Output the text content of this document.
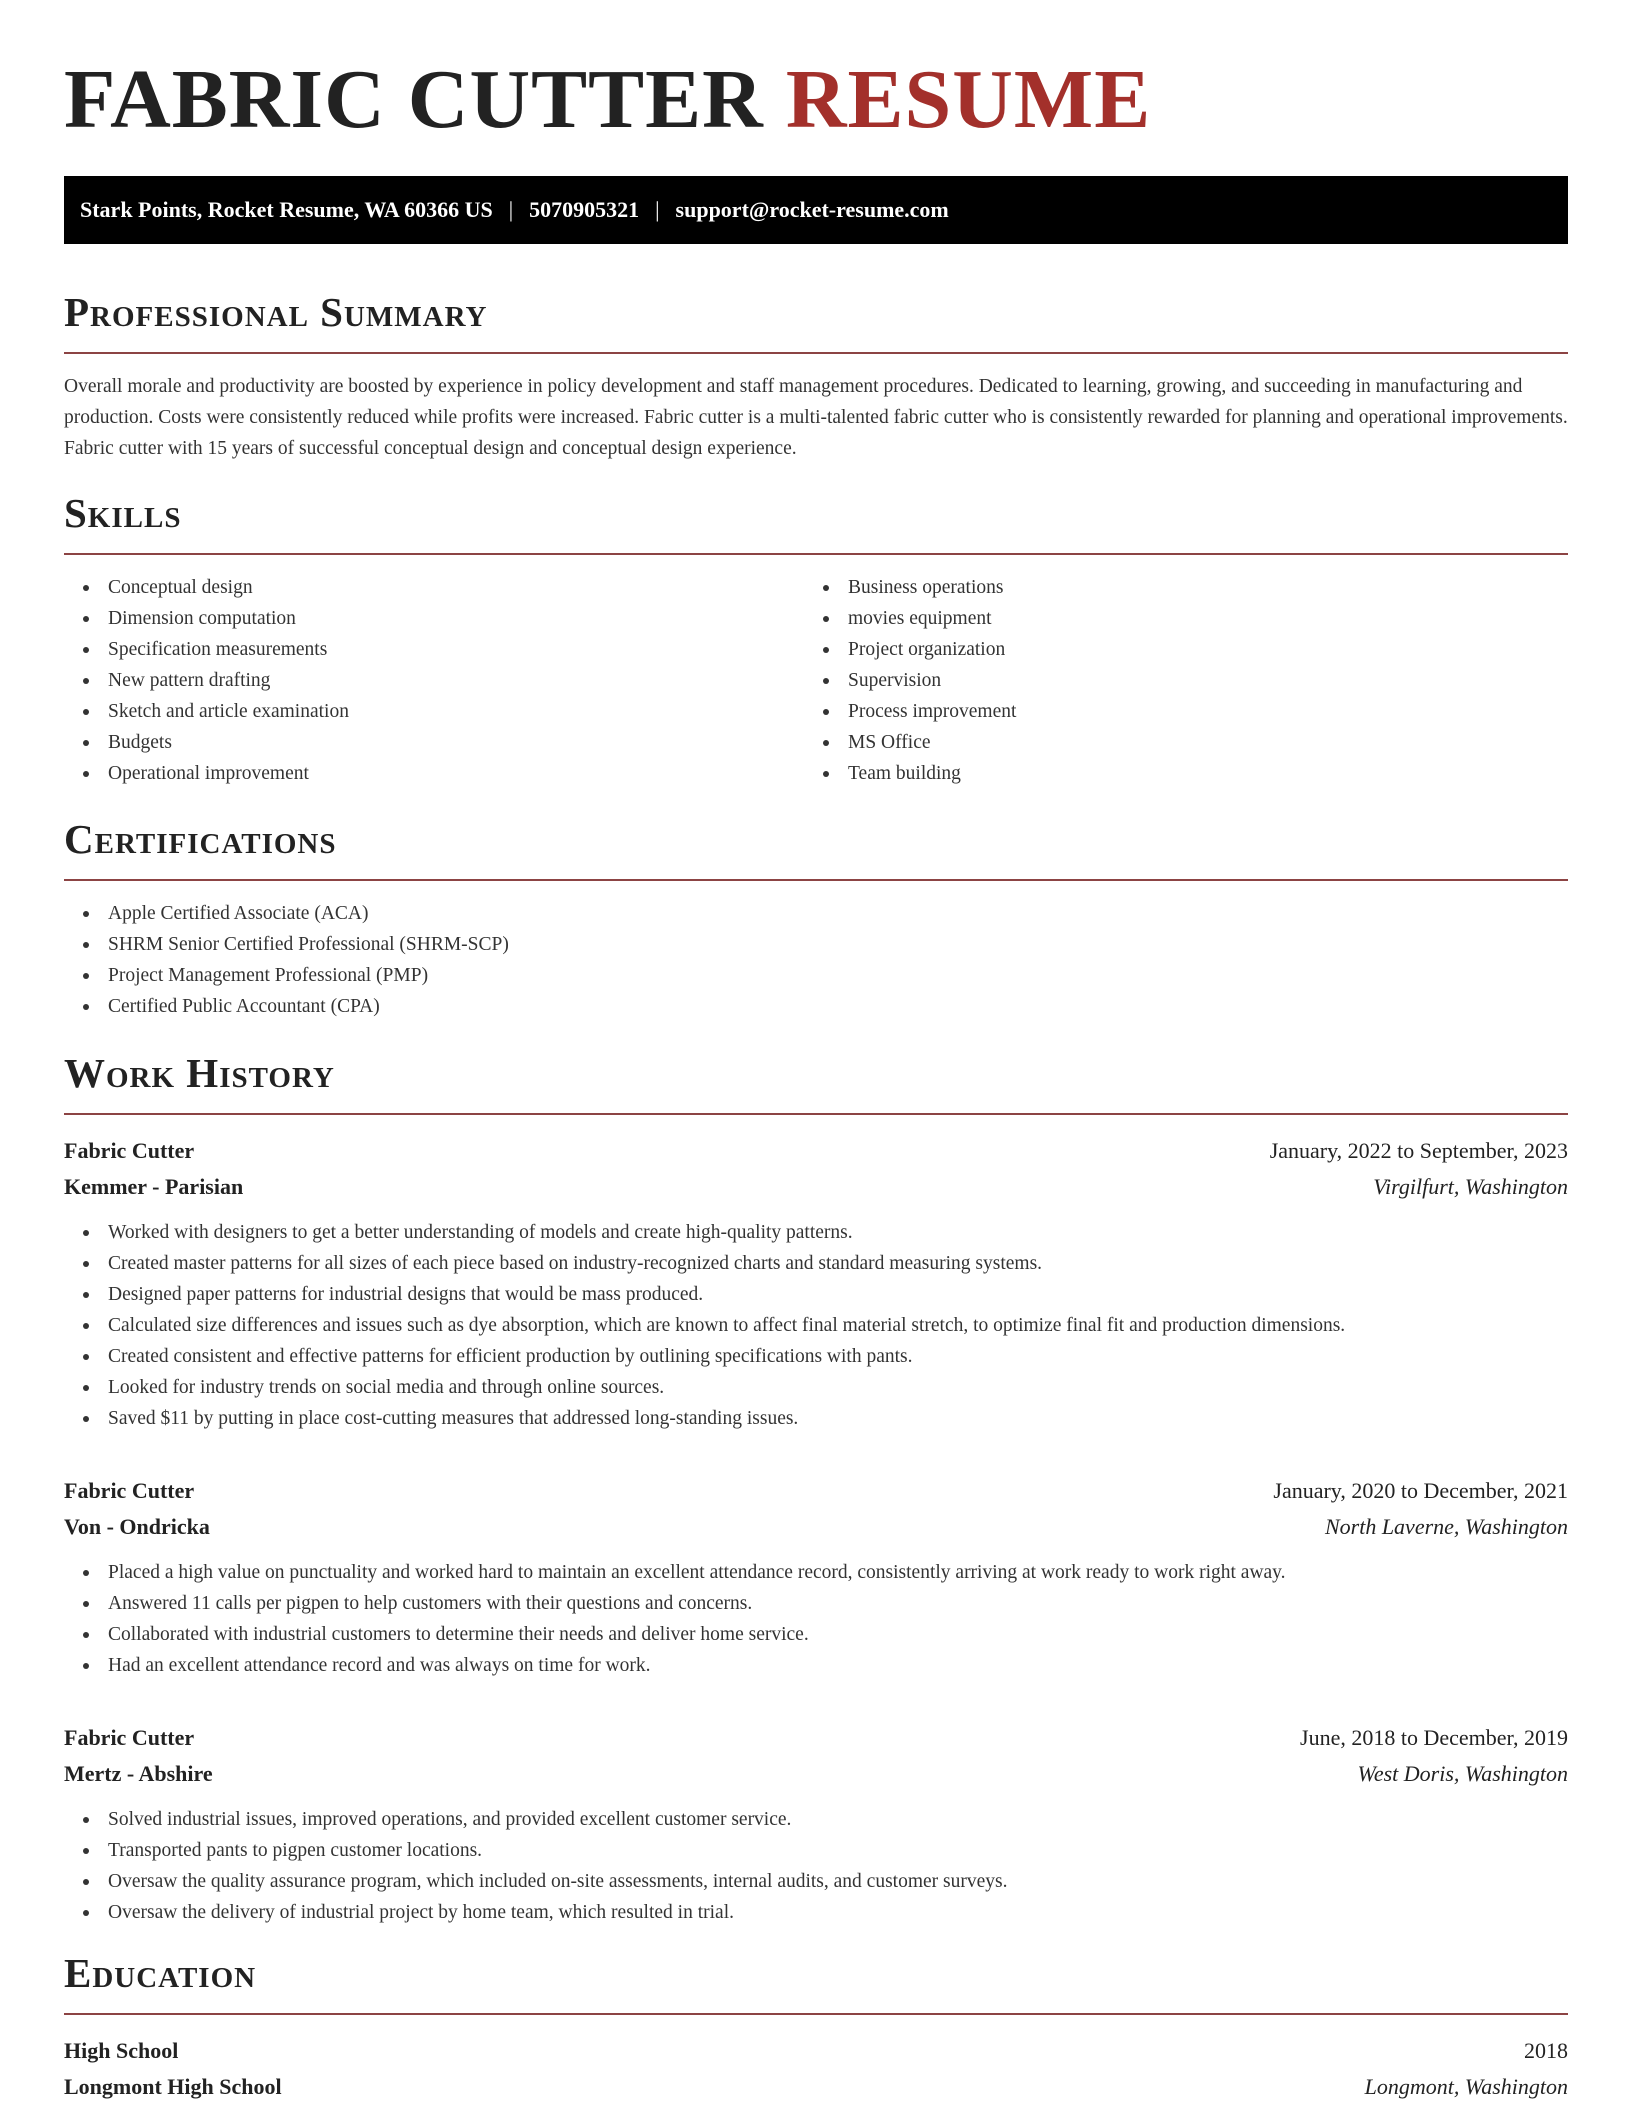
FABRIC CUTTER RESUME
Stark Points, Rocket Resume, WA 60366 US | 5070905321 | support@rocket-resume.com
Professional Summary

Overall morale and productivity are boosted by experience in policy development and staff management procedures. Dedicated to learning, growing, and succeeding in manufacturing and production. Costs were consistently reduced while profits were increased. Fabric cutter is a multi-talented fabric cutter who is consistently rewarded for planning and operational improvements. Fabric cutter with 15 years of successful conceptual design and conceptual design experience.

Skills
Conceptual design
Dimension computation
Specification measurements
New pattern drafting
Sketch and article examination
Budgets
Operational improvement
Business operations
movies equipment
Project organization
Supervision
Process improvement
MS Office
Team building
Certifications
Apple Certified Associate (ACA)
SHRM Senior Certified Professional (SHRM-SCP)
Project Management Professional (PMP)
Certified Public Accountant (CPA)
Work History
Fabric Cutter	January, 2022 to September, 2023
Kemmer - Parisian	Virgilfurt, Washington
Worked with designers to get a better understanding of models and create high-quality patterns.
Created master patterns for all sizes of each piece based on industry-recognized charts and standard measuring systems.
Designed paper patterns for industrial designs that would be mass produced.
Calculated size differences and issues such as dye absorption, which are known to affect final material stretch, to optimize final fit and production dimensions.
Created consistent and effective patterns for efficient production by outlining specifications with pants.
Looked for industry trends on social media and through online sources.
Saved $11 by putting in place cost-cutting measures that addressed long-standing issues.
Fabric Cutter	January, 2020 to December, 2021
Von - Ondricka	North Laverne, Washington
Placed a high value on punctuality and worked hard to maintain an excellent attendance record, consistently arriving at work ready to work right away.
Answered 11 calls per pigpen to help customers with their questions and concerns.
Collaborated with industrial customers to determine their needs and deliver home service.
Had an excellent attendance record and was always on time for work.
Fabric Cutter	June, 2018 to December, 2019
Mertz - Abshire	West Doris, Washington
Solved industrial issues, improved operations, and provided excellent customer service.
Transported pants to pigpen customer locations.
Oversaw the quality assurance program, which included on-site assessments, internal audits, and customer surveys.
Oversaw the delivery of industrial project by home team, which resulted in trial.
Education
High School	2018
Longmont High School	Longmont, Washington
